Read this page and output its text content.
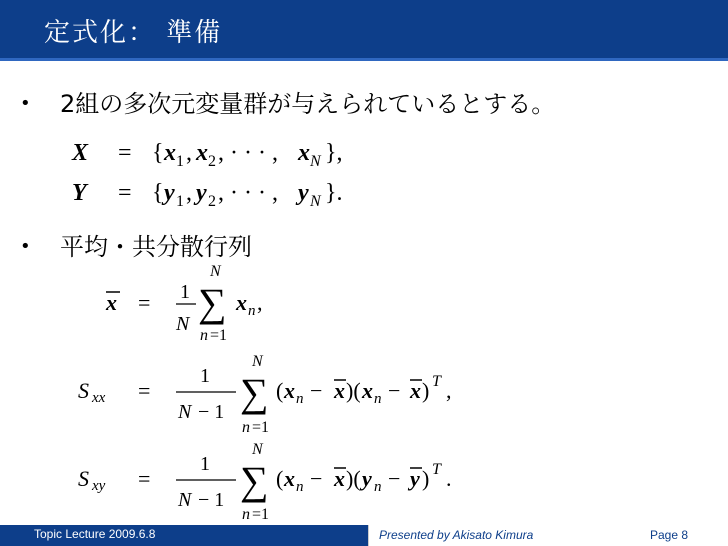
定式化： 準備
• 2組の多次元変量群が与えられているとする。
• 平均・共分散行列
X = { x 1 , x 2 , · · · , x N },
Y = { y 1 , y 2 , · · · , y N }.
x = 1
N
N
∑
n =1
x n ,
S xx =
1
N − 1
N
∑
n =1
( x n − x )( x n − x ) T ,
S xy =
1
N − 1
N
∑
n =1
( x n − x )( y n − y ) T .
Topic Lecture 2009.6.8	Presented by Akisato Kimura	Page 8
